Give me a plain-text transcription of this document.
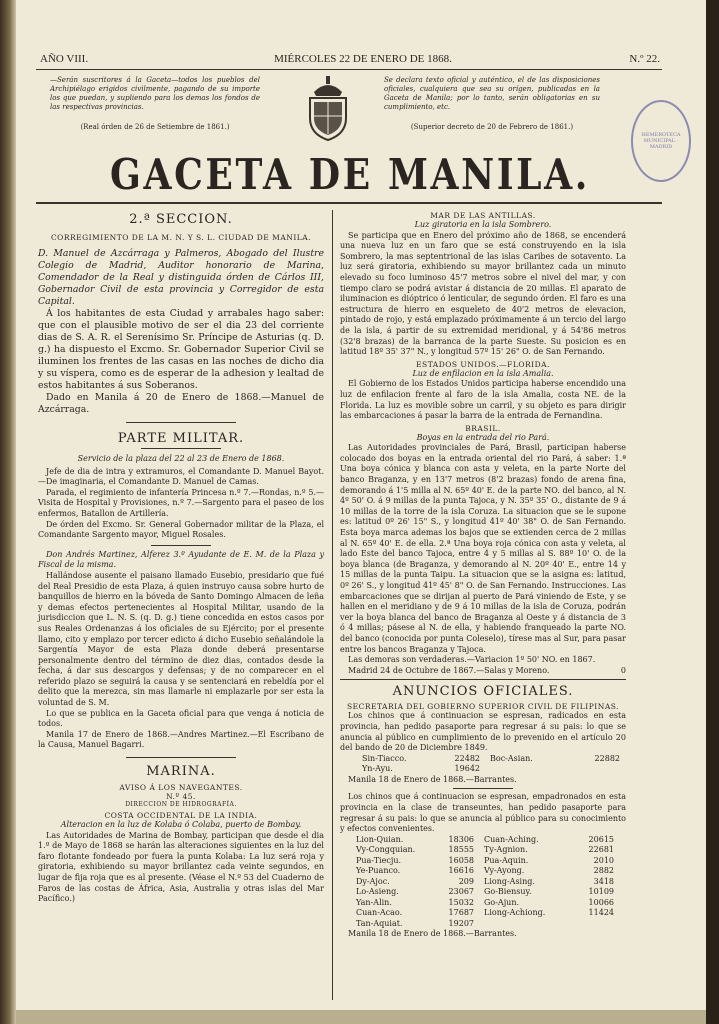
AÑO VIII.	MIÉRCOLES 22 DE ENERO DE 1868.	N.º 22.
—Serán suscritores á la Gaceta—todos los pueblos del Archipiélago erigidos civilmente, pagando de su importe los que puedan, y supliendo para los demas los fondos de las respectivas provincias.
(Real órden de 26 de Setiembre de 1861.)
Se declara texto oficial y auténtico, el de las disposiciones oficiales, cualquiera que sea su orígen, publicadas en la Gaceta de Manila; por lo tanto, serán obligatorias en su cumplimiento, etc.
(Superior decreto de 20 de Febrero de 1861.)
HEMEROTECA MUNICIPAL · MADRID
GACETA DE MANILA.
2.ª SECCION.
CORREGIMIENTO DE LA M. N. Y S. L. CIUDAD DE MANILA.
D. Manuel de Azcárraga y Palmeros, Abogado del Ilustre Colegio de Madrid, Auditor honorario de Marina, Comendador de la Real y distinguida órden de Cárlos III, Gobernador Civil de esta provincia y Corregidor de esta Capital.
Á los habitantes de esta Ciudad y arrabales hago saber: que con el plausible motivo de ser el dia 23 del corriente dias de S. A. R. el Serenísimo Sr. Príncipe de Asturias (q. D. g.) ha dispuesto el Excmo. Sr. Gobernador Superior Civil se iluminen los frentes de las casas en las noches de dicho dia y su víspera, como es de esperar de la adhesion y lealtad de estos habitantes á sus Soberanos.
Dado en Manila á 20 de Enero de 1868.—Manuel de Azcárraga.
PARTE MILITAR.
Servicio de la plaza del 22 al 23 de Enero de 1868.
Jefe de dia de intra y extramuros, el Comandante D. Manuel Bayot.—De imaginaria, el Comandante D. Manuel de Camas.
Parada, el regimiento de infantería Princesa n.º 7.—Rondas, n.º 5.—Visita de Hospital y Provisiones, n.º 7.—Sargento para el paseo de los enfermos, Batallon de Artillería.
De órden del Excmo. Sr. General Gobernador militar de la Plaza, el Comandante Sargento mayor, Miguel Rosales.
Don Andrés Martinez, Alferez 3.º Ayudante de E. M. de la Plaza y Fiscal de la misma.
Hallándose ausente el paisano llamado Eusebio, presidario que fué del Real Presidio de esta Plaza, á quien instruyo causa sobre hurto de banquillos de hierro en la bóveda de Santo Domingo Almacen de leña y demas efectos pertenecientes al Hospital Militar, usando de la jurisdiccion que L. N. S. (q. D. g.) tiene concedida en estos casos por sus Reales Ordenanzas á los oficiales de su Ejército; por el presente llamo, cito y emplazo por tercer edicto á dicho Eusebio señalándole la Sargentía Mayor de esta Plaza donde deberá presentarse personalmente dentro del término de diez dias, contados desde la fecha, á dar sus descargos y defensas; y de no comparecer en el referido plazo se seguirá la causa y se sentenciará en rebeldía por el delito que la merezca, sin mas llamarle ni emplazarle por ser esta la voluntad de S. M.
Lo que se publica en la Gaceta oficial para que venga á noticia de todos.
Manila 17 de Enero de 1868.—Andres Martinez.—El Escribano de la Causa, Manuel Bagarri.
MARINA.
AVISO Á LOS NAVEGANTES.
N.º 45.
DIRECCION DE HIDROGRAFÍA.
COSTA OCCIDENTAL DE LA INDIA.
Alteracion en la luz de Kolaba ó Colaba, puerto de Bombay.
Las Autoridades de Marina de Bombay, participan que desde el dia 1.º de Mayo de 1868 se harán las alteraciones siguientes en la luz del faro flotante fondeado por fuera la punta Kolaba: La luz será roja y giratoria, exhibiendo su mayor brillantez cada veinte segundos, en lugar de fija roja que es al presente. (Véase el N.º 53 del Cuaderno de Faros de las costas de África, Asia, Australia y otras islas del Mar Pacífico.)
MAR DE LAS ANTILLAS.
Luz giratoria en la isla Sombrero.
Se participa que en Enero del próximo año de 1868, se encenderá una nueva luz en un faro que se está construyendo en la isla Sombrero, la mas septentrional de las islas Caribes de sotavento. La luz será giratoria, exhibiendo su mayor brillantez cada un minuto elevado su foco luminoso 45'7 metros sobre el nivel del mar, y con tiempo claro se podrá avistar á distancia de 20 millas. El aparato de iluminacion es dióptrico ó lenticular, de segundo órden. El faro es una estructura de hierro en esqueleto de 40'2 metros de elevacion, pintado de rojo, y está emplazado próximamente á un tercio del largo de la isla, á partir de su extremidad meridional, y á 54'86 metros (32'8 brazas) de la barranca de la parte Sueste. Su posicion es en latitud 18º 35' 37" N., y longitud 57º 15' 26" O. de San Fernando.
ESTADOS UNIDOS.—FLORIDA.
Luz de enfilacion en la isla Amalia.
El Gobierno de los Estados Unidos participa haberse encendido una luz de enfilacion frente al faro de la isla Amalia, costa NE. de la Florida. La luz es movible sobre un carril, y su objeto es para dirigir las embarcaciones á pasar la barra de la entrada de Fernandina.
BRASIL.
Boyas en la entrada del rio Pará.
Las Autoridades provinciales de Pará, Brasil, participan haberse colocado dos boyas en la entrada oriental del rio Pará, á saber: 1.ª Una boya cónica y blanca con asta y veleta, en la parte Norte del banco Braganza, y en 13'7 metros (8'2 brazas) fondo de arena fina, demorando á 1'5 milla al N. 65º 40' E. de la parte NO. del banco, al N. 4º 50' O. á 9 millas de la punta Tajoca, y N. 35º 35' O., distante de 9 á 10 millas de la torre de la isla Coruza. La situacion que se le supone es: latitud 0º 26' 15" S., y longitud 41º 40' 38" O. de San Fernando. Esta boya marca ademas los bajos que se extienden cerca de 2 millas al N. 65º 40' E. de ella. 2.ª Una boya roja cónica con asta y veleta, al lado Este del banco Tajoca, entre 4 y 5 millas al S. 88º 10' O. de la boya blanca (de Braganza, y demorando al N. 20º 40' E., entre 14 y 15 millas de la punta Taipu. La situacion que se la asigna es: latitud, 0º 26' S., y longitud 41º 45' 8" O. de San Fernando. Instrucciones. Las embarcaciones que se dirijan al puerto de Pará viniendo de Este, y se hallen en el meridiano y de 9 á 10 millas de la isla de Coruza, podrán ver la boya blanca del banco de Braganza al Oeste y á distancia de 3 ó 4 millas; pásese al N. de ella, y habiendo franqueado la parte NO. del banco (conocida por punta Coleselo), tírese mas al Sur, para pasar entre los bancos Braganza y Tajoca.
Las demoras son verdaderas.—Variacion 1º 50' NO. en 1867.
Madrid 24 de Octubre de 1867.—Salas y Moreno.	0
ANUNCIOS OFICIALES.
SECRETARIA DEL GOBIERNO SUPERIOR CIVIL DE FILIPINAS.
Los chinos que á continuacion se espresan, radicados en esta provincia, han pedido pasaporte para regresar á su pais: lo que se anuncia al público en cumplimiento de lo prevenido en el artículo 20 del bando de 20 de Diciembre 1849.
Sin-Tiacco.	22482	Boc-Asian.	22882
Yn-Ayu.	19642
Manila 18 de Enero de 1868.—Barrantes.
Los chinos que á continuacion se espresan, empadronados en esta provincia en la clase de transeuntes, han pedido pasaporte para regresar á su pais: lo que se anuncia al público para su conocimiento y efectos convenientes.
Lion-Quian.	18306	Cuan-Aching.	20615
Vy-Congquian.	18555	Ty-Agnion.	22681
Pua-Tiecju.	16058	Pua-Aquin.	2010
Ye-Puanco.	16616	Vy-Ayong.	2882
Dy-Ajoc.	209	Liong-Asing.	3418
Lo-Asieng.	23067	Go-Biensuy.	10109
Yan-Alin.	15032	Go-Ajun.	10066
Cuan-Acao.	17687	Liong-Achiong.	11424
Tan-Aquiat.	19207
Manila 18 de Enero de 1868.—Barrantes.
